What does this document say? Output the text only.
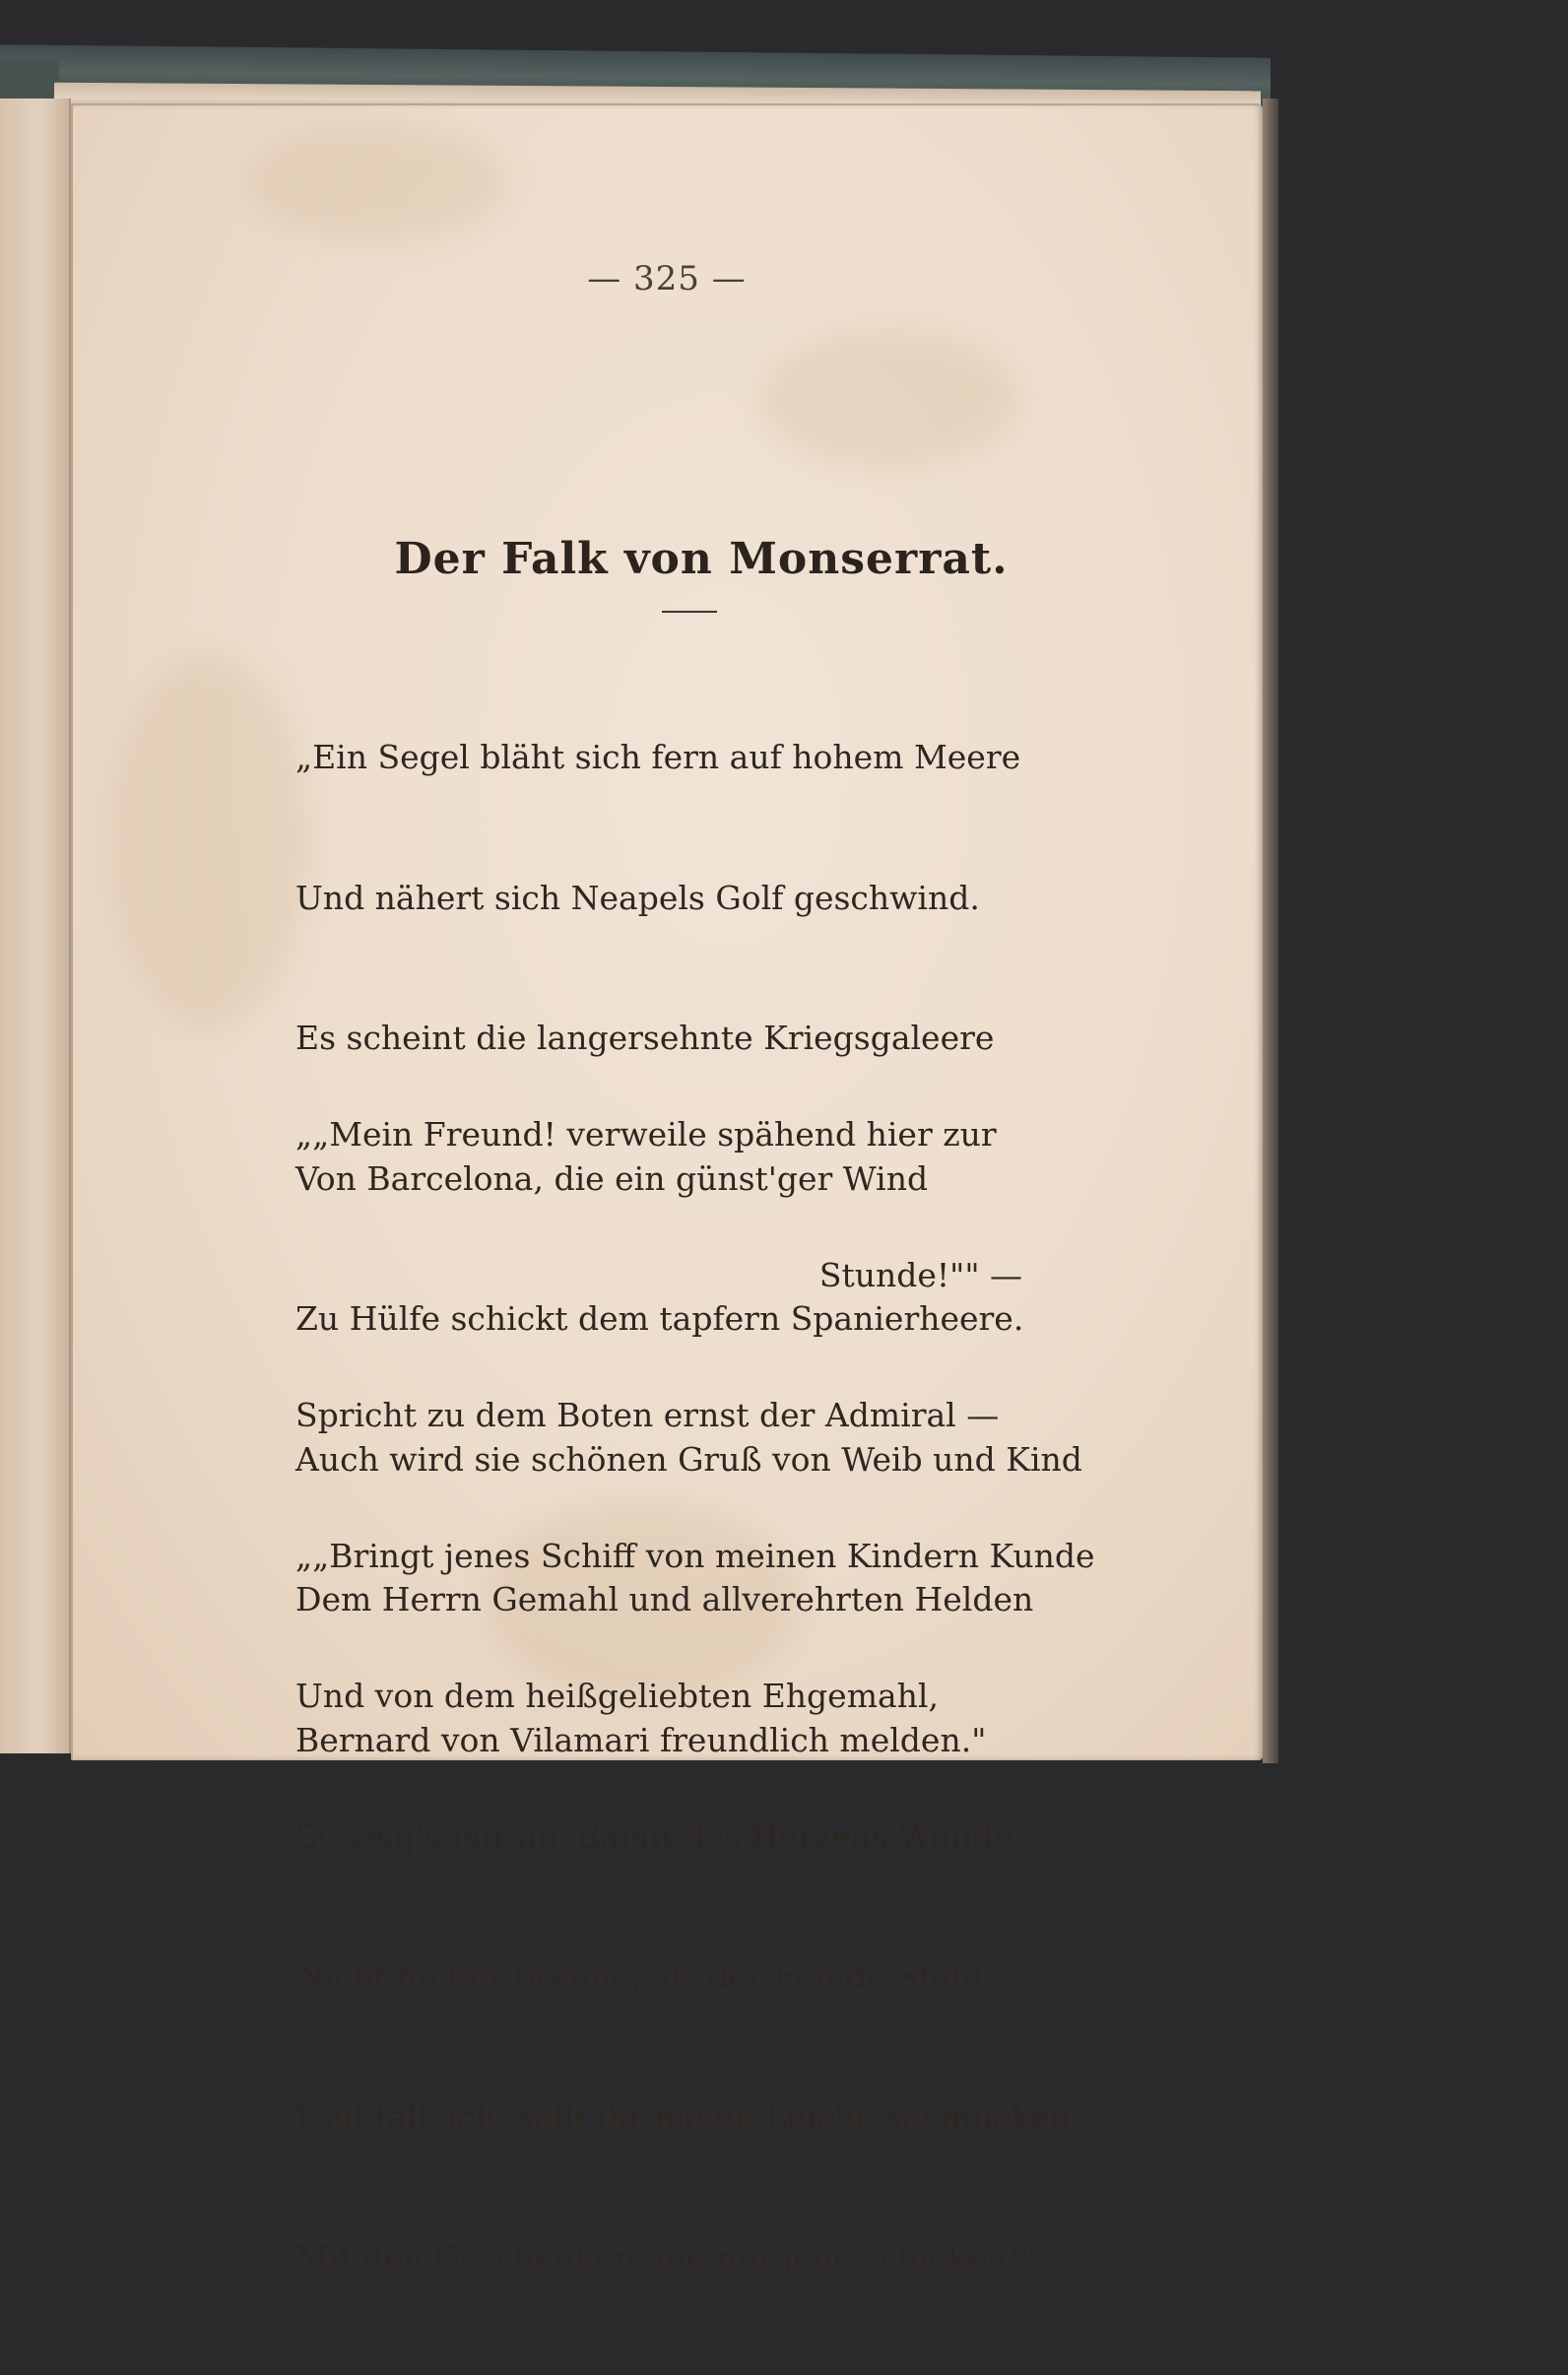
— 325 —
Der Falk von Monserrat.

„Ein Segel bläht sich fern auf hohem Meere

Und nähert sich Neapels Golf geschwind.

Es scheint die langersehnte Kriegsgaleere

Von Barcelona, die ein günst'ger Wind

Zu Hülfe schickt dem tapfern Spanierheere.

Auch wird sie schönen Gruß von Weib und Kind

Dem Herrn Gemahl und allverehrten Helden

Bernard von Vilamari freundlich melden."

„„Mein Freund! verweile spähend hier zur

Stunde!"" —

Spricht zu dem Boten ernst der Admiral —

„„Bringt jenes Schiff von meinen Kindern Kunde

Und von dem heißgeliebten Ehgemahl,

So zeig's mir an, damit des Herzens Wunde

Nicht heißer brenne, als der Feinde Stahl.

Und fall' ich, sollt ihr meine Leiche schmücken

Mit den Geschenken, die mir jene schicken!""
